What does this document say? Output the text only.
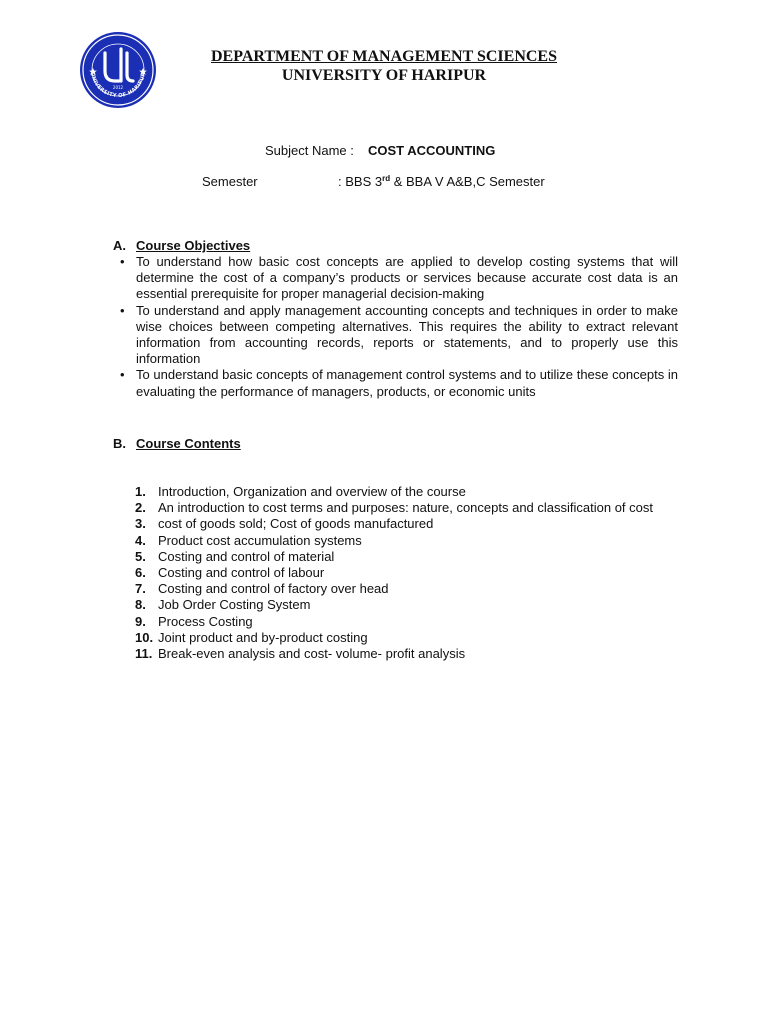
UNIVERSITY OF HARIPUR
2012
DEPARTMENT OF MANAGEMENT SCIENCES
UNIVERSITY OF HARIPUR
Subject Name : COST ACCOUNTING
Semester	: BBS 3rd & BBA V A&B,C Semester
A. Course Objectives
• To understand how basic cost concepts are applied to develop costing systems that will determine the cost of a company’s products or services because accurate cost data is an essential prerequisite for proper managerial decision-making
• To understand and apply management accounting concepts and techniques in order to make wise choices between competing alternatives. This requires the ability to extract relevant information from accounting records, reports or statements, and to properly use this information
• To understand basic concepts of management control systems and to utilize these concepts in evaluating the performance of managers, products, or economic units
B. Course Contents
1. Introduction, Organization and overview of the course
2. An introduction to cost terms and purposes: nature, concepts and classification of cost
3. cost of goods sold; Cost of goods manufactured
4. Product cost accumulation systems
5. Costing and control of material
6. Costing and control of labour
7. Costing and control of factory over head
8. Job Order Costing System
9. Process Costing
10. Joint product and by-product costing
11. Break-even analysis and cost- volume- profit analysis
